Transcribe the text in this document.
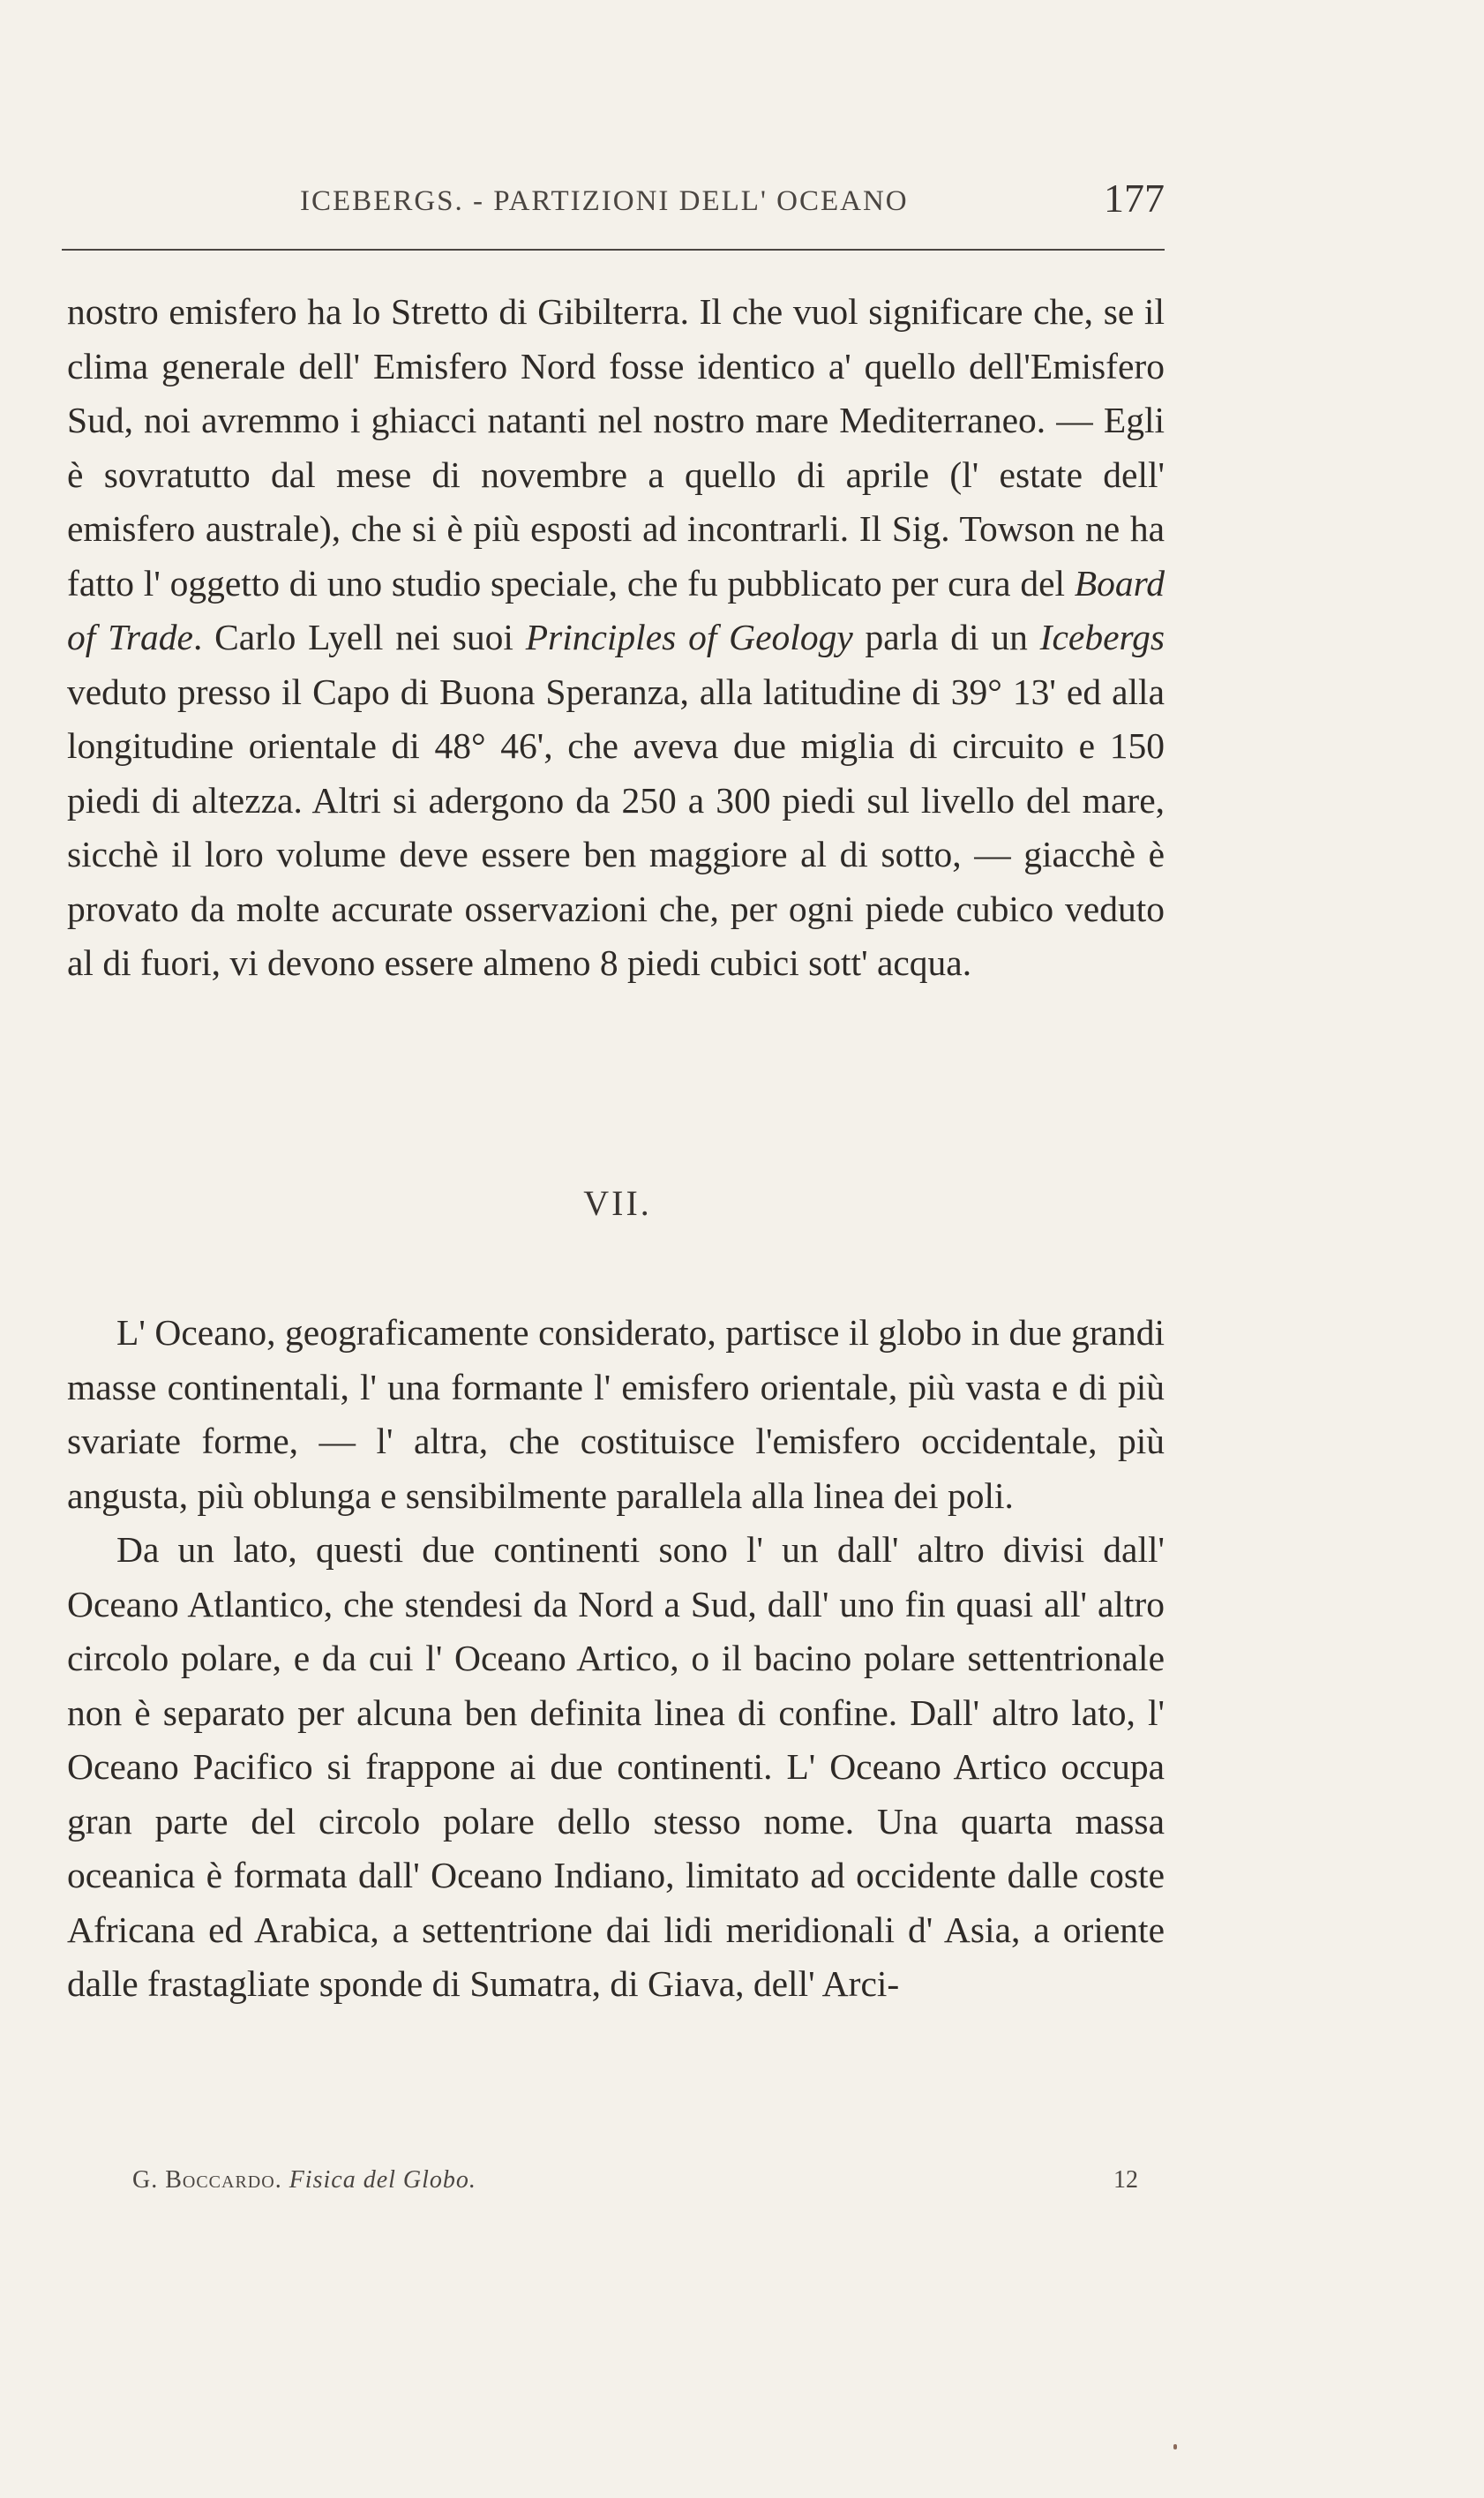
ICEBERGS. - PARTIZIONI DELL' OCEANO	177

nostro emisfero ha lo Stretto di Gibilterra. Il che vuol significare che, se il clima generale dell' Emisfero Nord fosse identico a' quello dell'Emisfero Sud, noi avremmo i ghiacci natanti nel nostro mare Mediterraneo. — Egli è sovratutto dal mese di novembre a quello di aprile (l' estate dell' emisfero australe), che si è più esposti ad incontrarli. Il Sig. Towson ne ha fatto l' oggetto di uno studio speciale, che fu pubblicato per cura del Board of Trade. Carlo Lyell nei suoi Principles of Geology parla di un Icebergs veduto presso il Capo di Buona Speranza, alla latitudine di 39° 13' ed alla longitudine orientale di 48° 46', che aveva due miglia di circuito e 150 piedi di altezza. Altri si adergono da 250 a 300 piedi sul livello del mare, sicchè il loro volume deve essere ben maggiore al di sotto, — giacchè è provato da molte accurate osservazioni che, per ogni piede cubico veduto al di fuori, vi devono essere almeno 8 piedi cubici sott' acqua.

VII.

L' Oceano, geograficamente considerato, partisce il globo in due grandi masse continentali, l' una formante l' emisfero orientale, più vasta e di più svariate forme, — l' altra, che costituisce l'emisfero occidentale, più angusta, più oblunga e sensibilmente parallela alla linea dei poli.

Da un lato, questi due continenti sono l' un dall' altro divisi dall' Oceano Atlantico, che stendesi da Nord a Sud, dall' uno fin quasi all' altro circolo polare, e da cui l' Oceano Artico, o il bacino polare settentrionale non è separato per alcuna ben definita linea di confine. Dall' altro lato, l' Oceano Pacifico si frappone ai due continenti. L' Oceano Artico occupa gran parte del circolo polare dello stesso nome. Una quarta massa oceanica è formata dall' Oceano Indiano, limitato ad occidente dalle coste Africana ed Arabica, a settentrione dai lidi meridionali d' Asia, a oriente dalle frastagliate sponde di Sumatra, di Giava, dell' Arci-

G. Boccardo. Fisica del Globo.	12
